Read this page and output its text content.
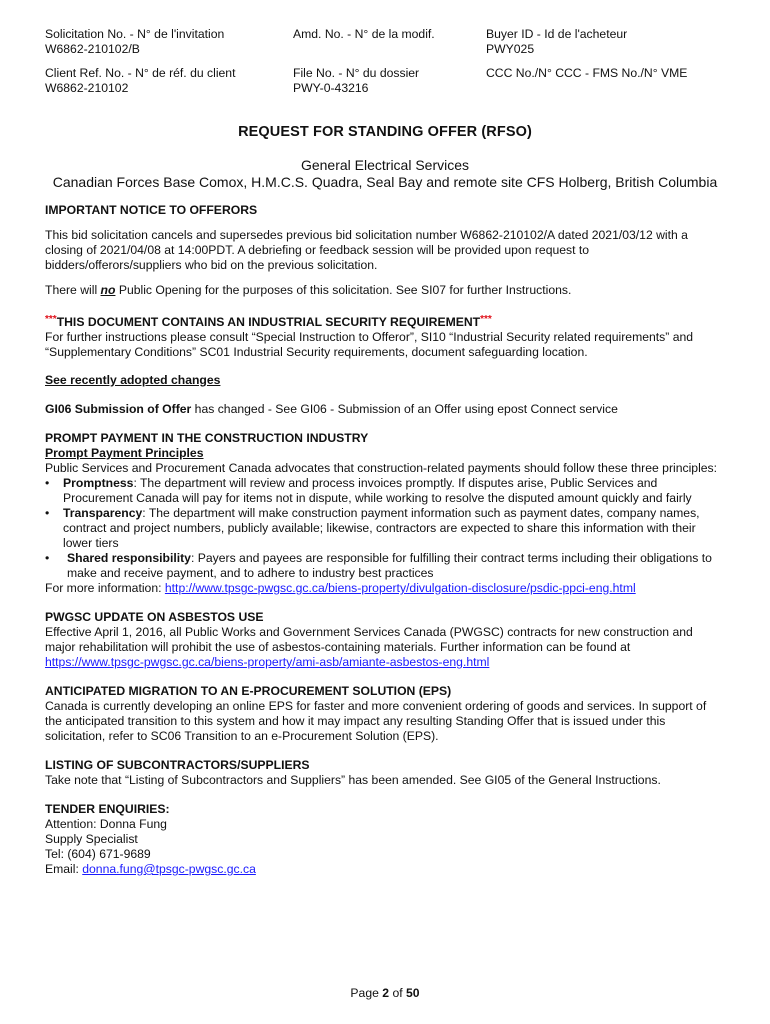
Solicitation No. - N° de l'invitation
W6862-210102/B
Amd. No. - N° de la modif.	Buyer ID - Id de l'acheteur
PWY025
Client Ref. No. - N° de réf. du client
W6862-210102
File No. - N° du dossier
PWY-0-43216
CCC No./N° CCC - FMS No./N° VME
REQUEST FOR STANDING OFFER (RFSO)
General Electrical Services
Canadian Forces Base Comox, H.M.C.S. Quadra, Seal Bay and remote site CFS Holberg, British Columbia

IMPORTANT NOTICE TO OFFERORS

This bid solicitation cancels and supersedes previous bid solicitation number W6862-210102/A dated 2021/03/12 with a closing of 2021/04/08 at 14:00PDT. A debriefing or feedback session will be provided upon request to bidders/offerors/suppliers who bid on the previous solicitation.

There will no Public Opening for the purposes of this solicitation. See SI07 for further Instructions.

***THIS DOCUMENT CONTAINS AN INDUSTRIAL SECURITY REQUIREMENT***

For further instructions please consult “Special Instruction to Offeror”, SI10 “Industrial Security related requirements” and “Supplementary Conditions” SC01 Industrial Security requirements, document safeguarding location.

See recently adopted changes

GI06 Submission of Offer has changed - See GI06 - Submission of an Offer using epost Connect service

PROMPT PAYMENT IN THE CONSTRUCTION INDUSTRY

Prompt Payment Principles

Public Services and Procurement Canada advocates that construction-related payments should follow these three principles:

• Promptness: The department will review and process invoices promptly. If disputes arise, Public Services and Procurement Canada will pay for items not in dispute, while working to resolve the disputed amount quickly and fairly
• Transparency: The department will make construction payment information such as payment dates, company names, contract and project numbers, publicly available; likewise, contractors are expected to share this information with their lower tiers
• Shared responsibility: Payers and payees are responsible for fulfilling their contract terms including their obligations to make and receive payment, and to adhere to industry best practices

For more information: http://www.tpsgc-pwgsc.gc.ca/biens-property/divulgation-disclosure/psdic-ppci-eng.html

PWGSC UPDATE ON ASBESTOS USE

Effective April 1, 2016, all Public Works and Government Services Canada (PWGSC) contracts for new construction and major rehabilitation will prohibit the use of asbestos-containing materials. Further information can be found at

https://www.tpsgc-pwgsc.gc.ca/biens-property/ami-asb/amiante-asbestos-eng.html

ANTICIPATED MIGRATION TO AN E-PROCUREMENT SOLUTION (EPS)

Canada is currently developing an online EPS for faster and more convenient ordering of goods and services. In support of the anticipated transition to this system and how it may impact any resulting Standing Offer that is issued under this solicitation, refer to SC06 Transition to an e-Procurement Solution (EPS).

LISTING OF SUBCONTRACTORS/SUPPLIERS

Take note that “Listing of Subcontractors and Suppliers” has been amended. See GI05 of the General Instructions.

TENDER ENQUIRIES:

Attention: Donna Fung

Supply Specialist

Tel: (604) 671-9689

Email: donna.fung@tpsgc-pwgsc.gc.ca

Page 2 of 50
